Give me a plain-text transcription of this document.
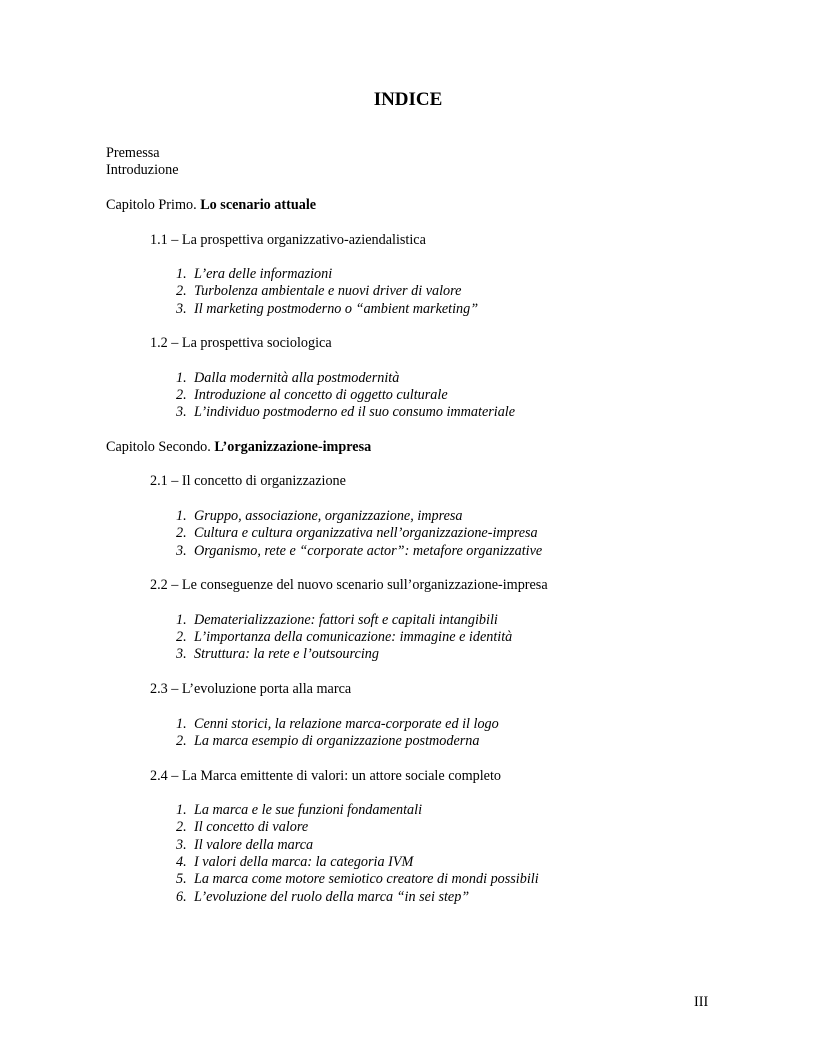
INDICE
Premessa
Introduzione
Capitolo Primo. Lo scenario attuale
1.1 – La prospettiva organizzativo-aziendalistica
1. L’era delle informazioni
2. Turbolenza ambientale e nuovi driver di valore
3. Il marketing postmoderno o “ambient marketing”
1.2 – La prospettiva sociologica
1. Dalla modernità alla postmodernità
2. Introduzione al concetto di oggetto culturale
3. L’individuo postmoderno ed il suo consumo immateriale
Capitolo Secondo. L’organizzazione-impresa
2.1 – Il concetto di organizzazione
1. Gruppo, associazione, organizzazione, impresa
2. Cultura e cultura organizzativa nell’organizzazione-impresa
3. Organismo, rete e “corporate actor”: metafore organizzative
2.2 – Le conseguenze del nuovo scenario sull’organizzazione-impresa
1. Dematerializzazione: fattori soft e capitali intangibili
2. L’importanza della comunicazione: immagine e identità
3. Struttura: la rete e l’outsourcing
2.3 – L’evoluzione porta alla marca
1. Cenni storici, la relazione marca-corporate ed il logo
2. La marca esempio di organizzazione postmoderna
2.4 – La Marca emittente di valori: un attore sociale completo
1. La marca e le sue funzioni fondamentali
2. Il concetto di valore
3. Il valore della marca
4. I valori della marca: la categoria IVM
5. La marca come motore semiotico creatore di mondi possibili
6. L’evoluzione del ruolo della marca “in sei step”
III
